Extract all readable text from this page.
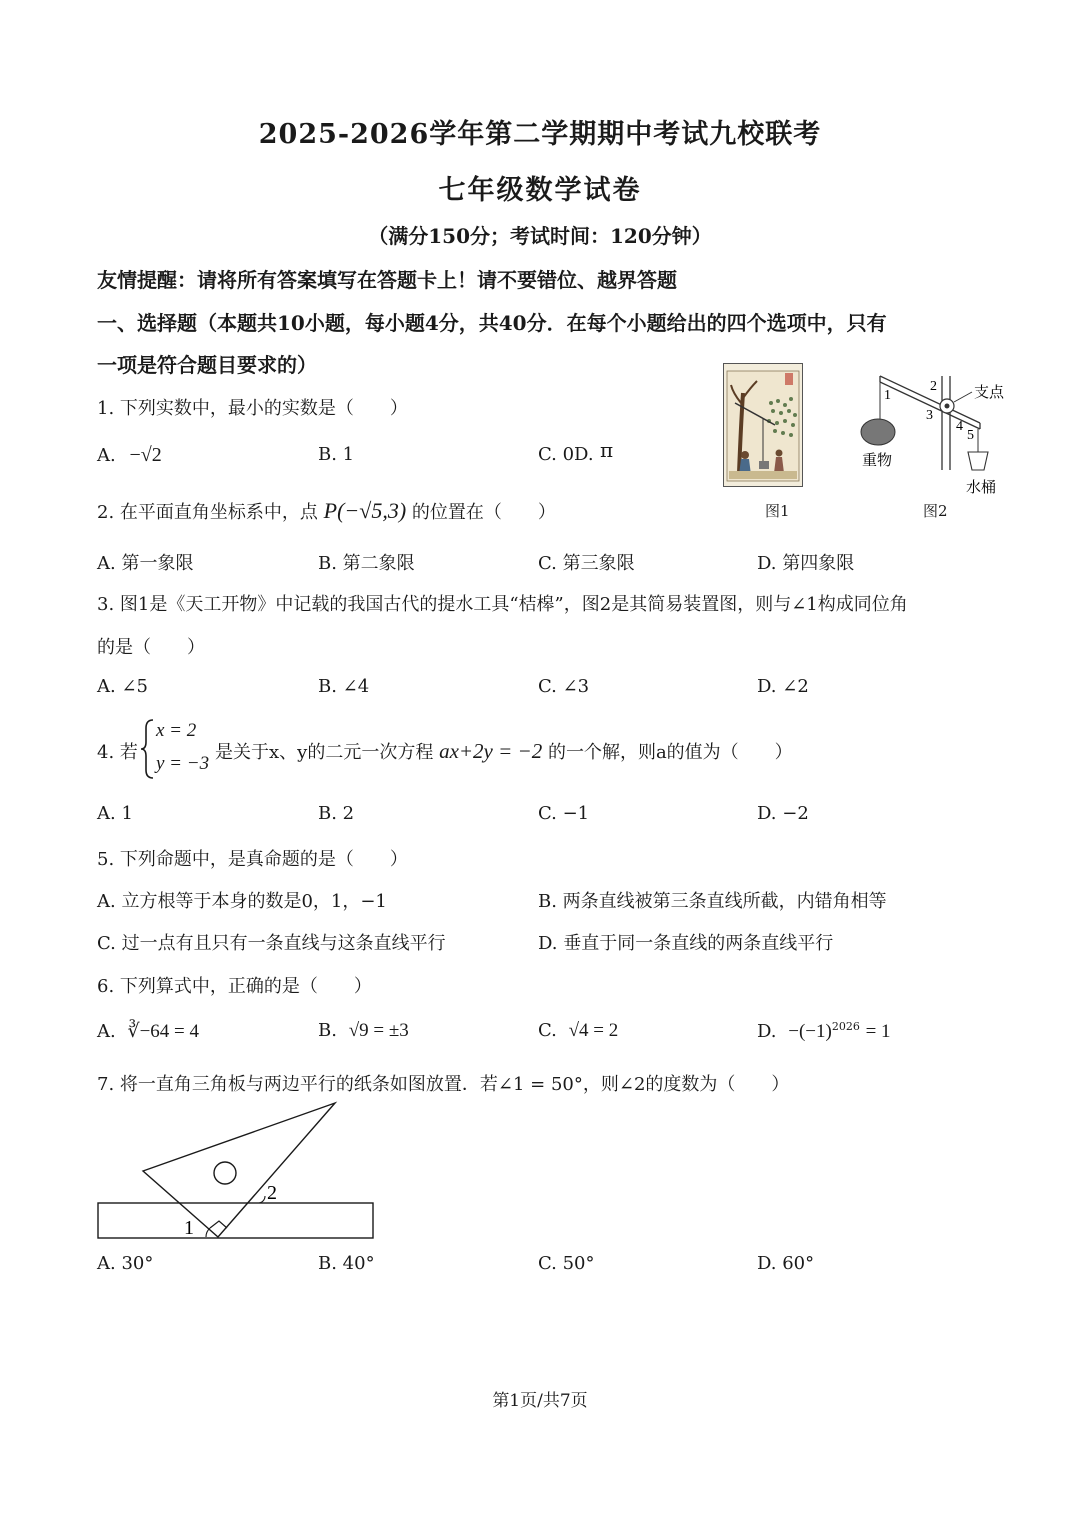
2025-2026学年第二学期期中考试九校联考
七年级数学试卷
（满分150分；考试时间：120分钟）
友情提醒：请将所有答案填写在答题卡上！请不要错位、越界答题
一、选择题（本题共10小题，每小题4分，共40分．在每个小题给出的四个选项中，只有
一项是符合题目要求的）
1
2
3
4
5
支点
重物
水桶
图1	图2
1. 下列实数中，最小的实数是（　　）
A. −√2	B. 1	C. 0D. π
2. 在平面直角坐标系中，点 P(−√5,3) 的位置在（　　）
A. 第一象限	B. 第二象限	C. 第三象限	D. 第四象限
3. 图1是《天工开物》中记载的我国古代的提水工具“桔槔”，图2是其简易装置图，则与∠1构成同位角
的是（　　）
A. ∠5	B. ∠4	C. ∠3	D. ∠2
4. 若
x = 2
y = −3
是关于x、y的二元一次方程 ax+2y = −2 的一个解，则a的值为（　　）
A. 1	B. 2	C. −1	D. −2
5. 下列命题中，是真命题的是（　　）
A. 立方根等于本身的数是0，1，−1	B. 两条直线被第三条直线所截，内错角相等
C. 过一点有且只有一条直线与这条直线平行	D. 垂直于同一条直线的两条直线平行
6. 下列算式中，正确的是（　　）
A. ∛−64 = 4	B. √9 = ±3	C. √4 = 2	D. $-(-1)^{2026} = 1$
7. 将一直角三角板与两边平行的纸条如图放置．若∠1 = 50°，则∠2的度数为（　　）
1
2
A. 30°	B. 40°	C. 50°	D. 60°
第1页/共7页
